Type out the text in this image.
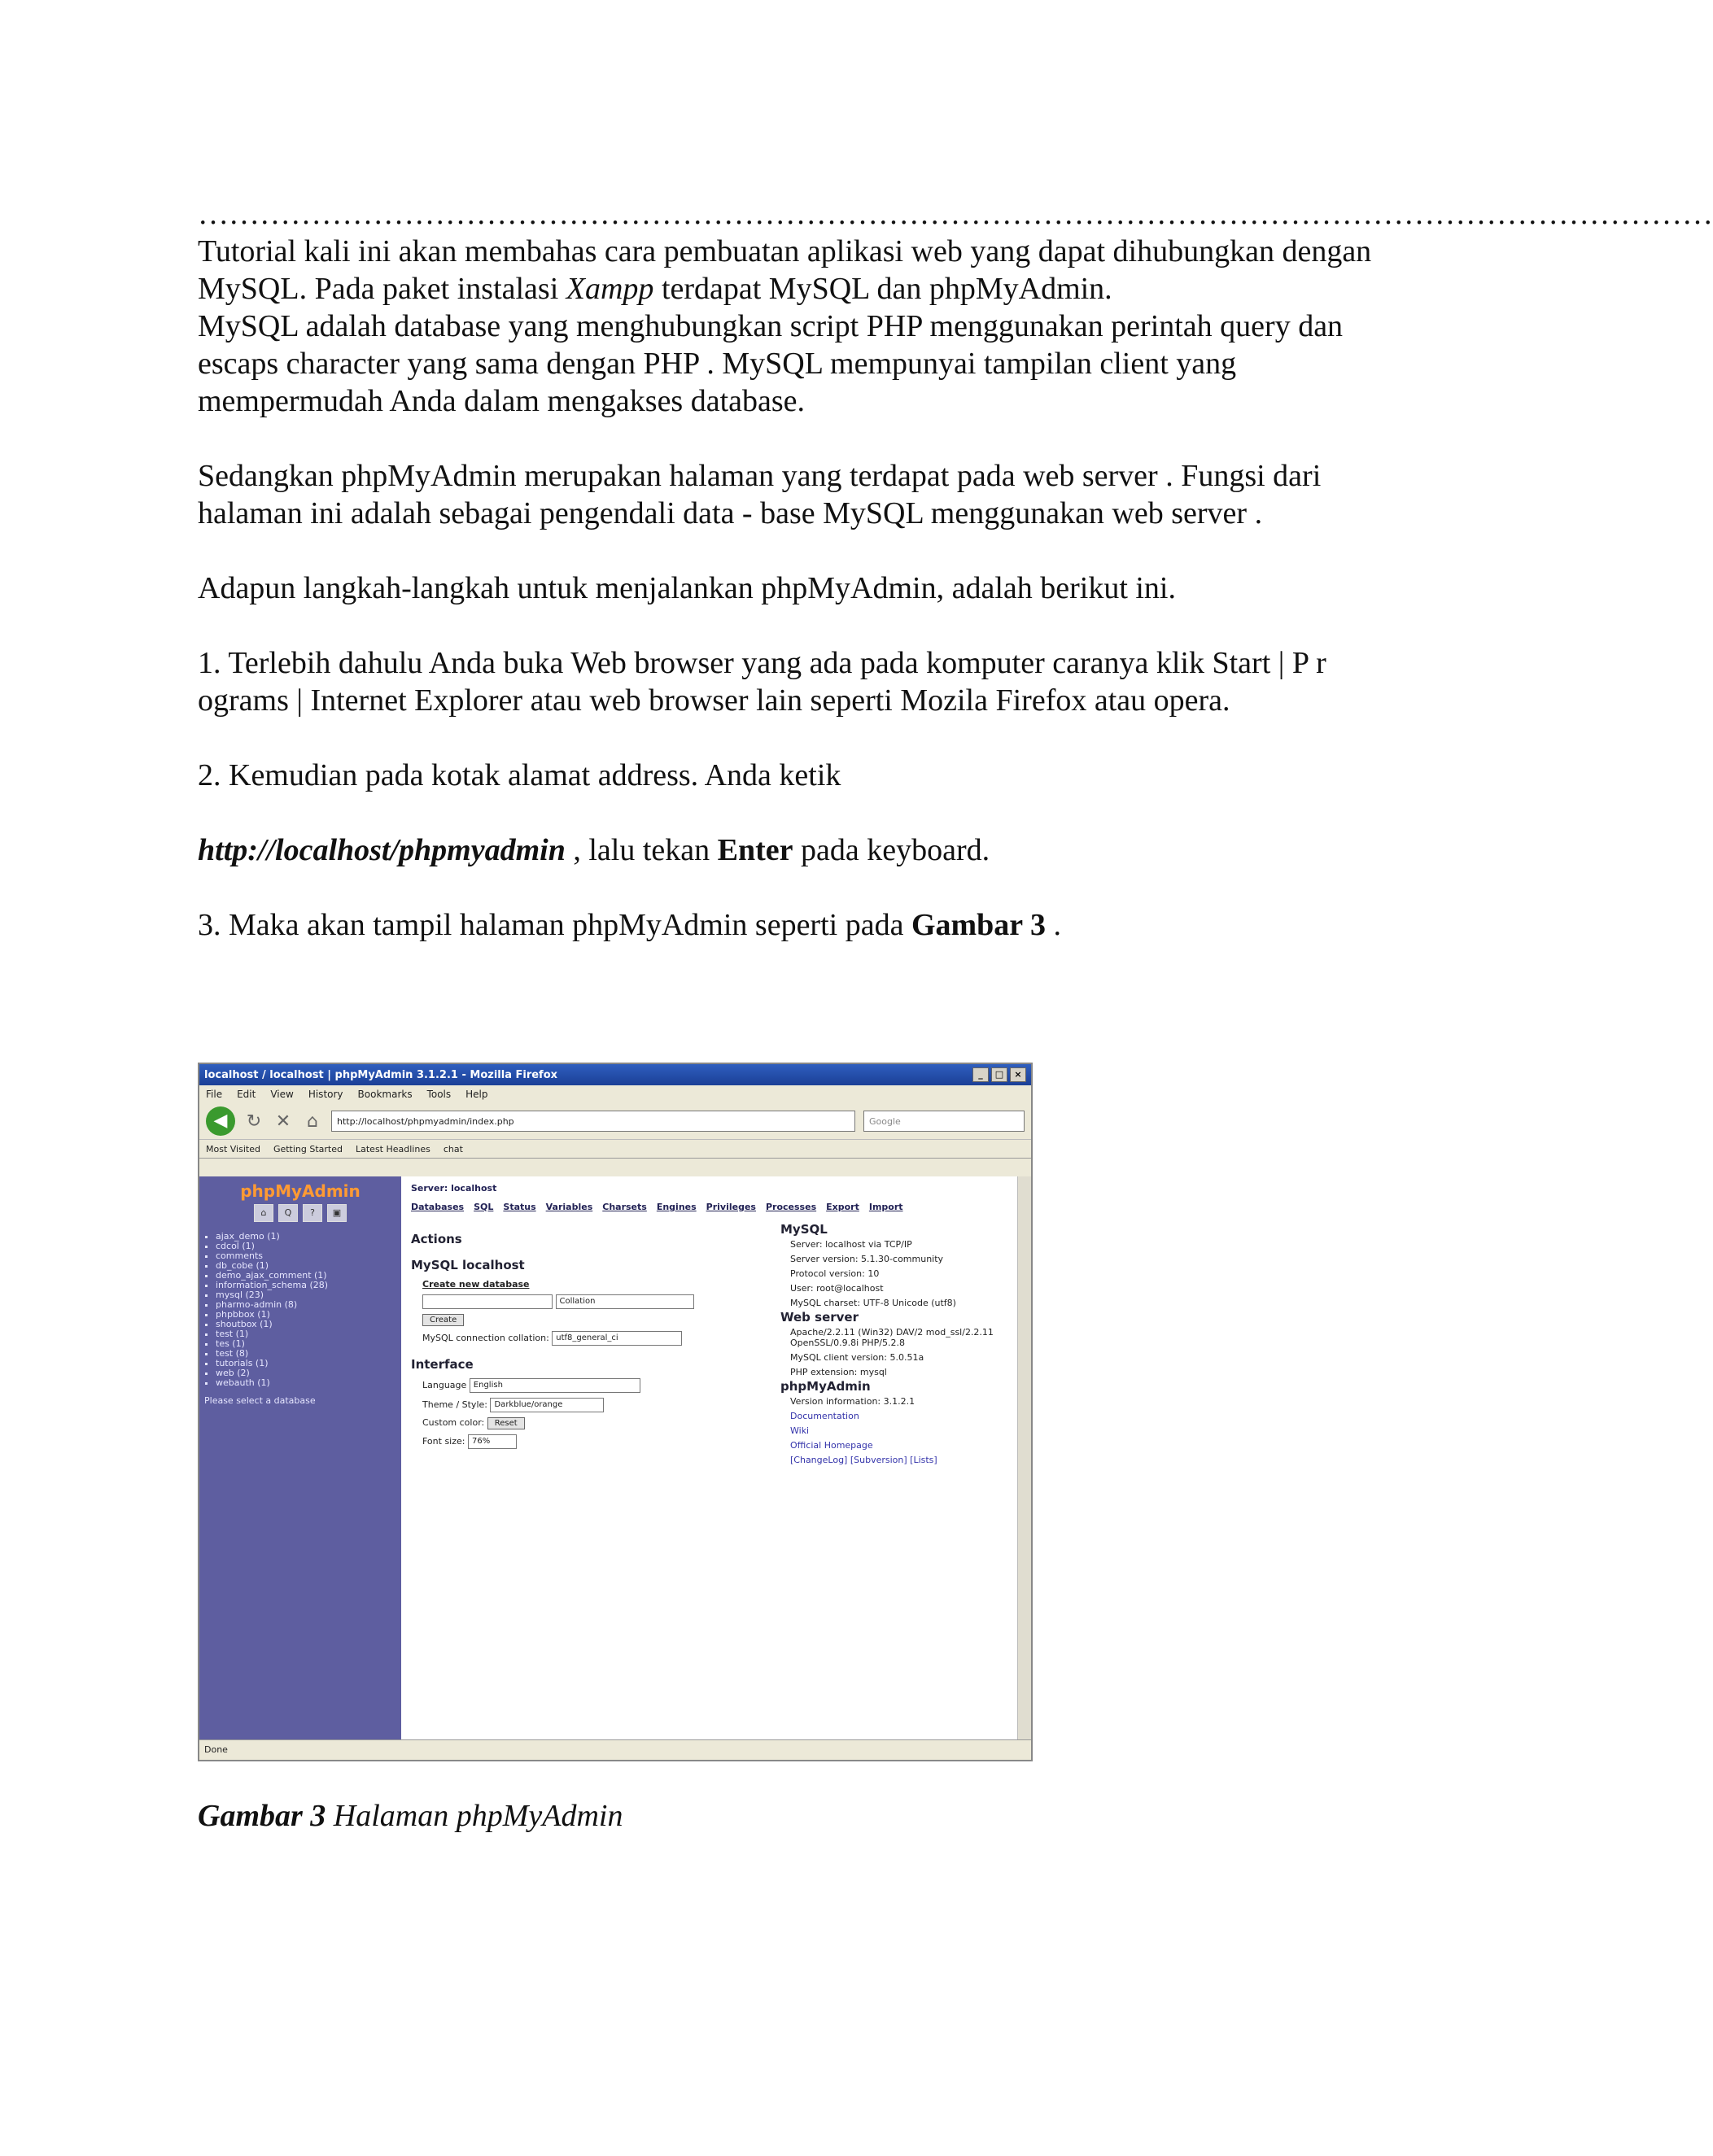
…………………………………………………………………………………………………………………………………

Tutorial kali ini akan membahas cara pembuatan aplikasi web yang dapat dihubungkan dengan

MySQL. Pada paket instalasi Xampp terdapat MySQL dan phpMyAdmin.

MySQL adalah database yang menghubungkan script PHP menggunakan perintah query dan

escaps character yang sama dengan PHP . MySQL mempunyai tampilan client yang

mempermudah Anda dalam mengakses database.

Sedangkan phpMyAdmin merupakan halaman yang terdapat pada web server . Fungsi dari

halaman ini adalah sebagai pengendali data - base MySQL menggunakan web server .

Adapun langkah-langkah untuk menjalankan phpMyAdmin, adalah berikut ini.

1. Terlebih dahulu Anda buka Web browser yang ada pada komputer caranya klik Start | P r

ograms | Internet Explorer atau web browser lain seperti Mozila Firefox atau opera.

2. Kemudian pada kotak alamat address. Anda ketik

http://localhost/phpmyadmin , lalu tekan Enter pada keyboard.

3. Maka akan tampil halaman phpMyAdmin seperti pada Gambar 3 .

localhost / localhost | phpMyAdmin 3.1.2.1 - Mozilla Firefox	_	□	×
File Edit View History Bookmarks Tools Help
◀	↻ ✕ ⌂	http://localhost/phpmyadmin/index.php	Google
Most Visited Getting Started Latest Headlines chat
phpMyAdmin
⌂	Q	?	▣
▪ ajax_demo (1)
▪ cdcol (1)
▪ comments
▪ db_cobe (1)
▪ demo_ajax_comment (1)
▪ information_schema (28)
▪ mysql (23)
▪ pharmo-admin (8)
▪ phpbbox (1)
▪ shoutbox (1)
▪ test (1)
▪ tes (1)
▪ test (8)
▪ tutorials (1)
▪ web (2)
▪ webauth (1)
Please select a database
Server: localhost
Databases SQL Status Variables Charsets Engines Privileges Processes Export Import
Actions
MySQL localhost
Create new database
Collation
Create
MySQL connection collation: utf8_general_ci
Interface
Language English
Theme / Style: Darkblue/orange
Custom color: Reset
Font size: 76%
MySQL
Server: localhost via TCP/IP
Server version: 5.1.30-community
Protocol version: 10
User: root@localhost
MySQL charset: UTF-8 Unicode (utf8)
Web server
Apache/2.2.11 (Win32) DAV/2 mod_ssl/2.2.11 OpenSSL/0.9.8i PHP/5.2.8
MySQL client version: 5.0.51a
PHP extension: mysql
phpMyAdmin
Version information: 3.1.2.1
Documentation
Wiki
Official Homepage
[ChangeLog] [Subversion] [Lists]
Done
Gambar 3 Halaman phpMyAdmin
